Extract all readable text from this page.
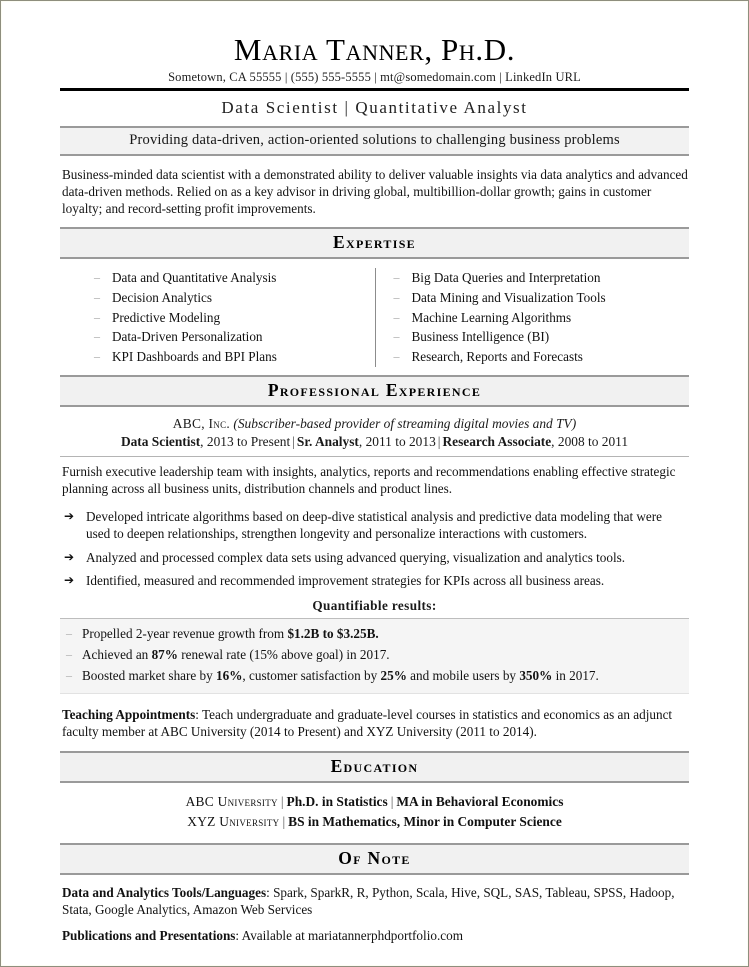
Maria Tanner, Ph.D.
Sometown, CA 55555 | (555) 555-5555 | mt@somedomain.com | LinkedIn URL
Data Scientist | Quantitative Analyst
Providing data-driven, action-oriented solutions to challenging business problems
Business-minded data scientist with a demonstrated ability to deliver valuable insights via data analytics and advanced data-driven methods. Relied on as a key advisor in driving global, multibillion-dollar growth; gains in customer loyalty; and record-setting profit improvements.
Expertise
– Data and Quantitative Analysis
– Decision Analytics
– Predictive Modeling
– Data-Driven Personalization
– KPI Dashboards and BPI Plans
– Big Data Queries and Interpretation
– Data Mining and Visualization Tools
– Machine Learning Algorithms
– Business Intelligence (BI)
– Research, Reports and Forecasts
Professional Experience
ABC, Inc. (Subscriber-based provider of streaming digital movies and TV)
Data Scientist, 2013 to Present | Sr. Analyst, 2011 to 2013 | Research Associate, 2008 to 2011
Furnish executive leadership team with insights, analytics, reports and recommendations enabling effective strategic planning across all business units, distribution channels and product lines.
➔ Developed intricate algorithms based on deep-dive statistical analysis and predictive data modeling that were used to deepen relationships, strengthen longevity and personalize interactions with customers.
➔ Analyzed and processed complex data sets using advanced querying, visualization and analytics tools.
➔ Identified, measured and recommended improvement strategies for KPIs across all business areas.
Quantifiable results:
– Propelled 2-year revenue growth from $1.2B to $3.25B.
– Achieved an 87% renewal rate (15% above goal) in 2017.
– Boosted market share by 16%, customer satisfaction by 25% and mobile users by 350% in 2017.
Teaching Appointments: Teach undergraduate and graduate-level courses in statistics and economics as an adjunct faculty member at ABC University (2014 to Present) and XYZ University (2011 to 2014).
Education
ABC University | Ph.D. in Statistics | MA in Behavioral Economics
XYZ University | BS in Mathematics, Minor in Computer Science
Of Note
Data and Analytics Tools/Languages: Spark, SparkR, R, Python, Scala, Hive, SQL, SAS, Tableau, SPSS, Hadoop, Stata, Google Analytics, Amazon Web Services
Publications and Presentations: Available at mariatannerphdportfolio.com
